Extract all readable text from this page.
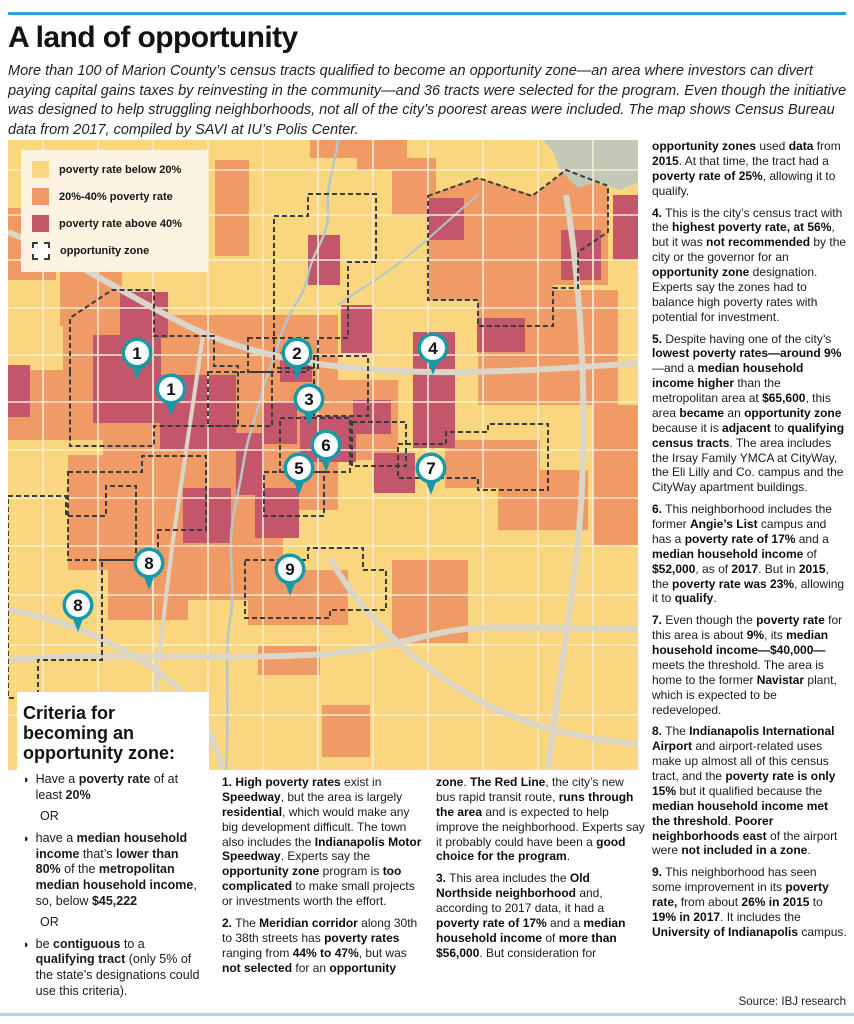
A land of opportunity
More than 100 of Marion County’s census tracts qualified to become an opportunity zone—an area where investors can divert paying capital gains taxes by reinvesting in the community—and 36 tracts were selected for the program. Even though the initiative was designed to help struggling neighborhoods, not all of the city’s poorest areas were included. The map shows Census Bureau data from 2017, compiled by SAVI at IU’s Polis Center.
1
1
2
3
4
5
6
7
8
8
9
poverty rate below 20%
20%-40% poverty rate
poverty rate above 40%
opportunity zone
Criteria for becoming an opportunity zone:
◗ Have a poverty rate of at least 20%
OR
◗ have a median household income that’s lower than 80% of the metropolitan median household income, so, below $45,222
OR
◗ be contiguous to a qualifying tract (only 5% of the state’s designations could use this criteria).

1. High poverty rates exist in Speedway, but the area is largely residential, which would make any big development difficult. The town also includes the Indianapolis Motor Speedway. Experts say the opportunity zone program is too complicated to make small projects or investments worth the effort.

2. The Meridian corridor along 30th to 38th streets has poverty rates ranging from 44% to 47%, but was not selected for an opportunity

zone. The Red Line, the city’s new bus rapid transit route, runs through the area and is expected to help improve the neighborhood. Experts say it probably could have been a good choice for the program.

3. This area includes the Old Northside neighborhood and, according to 2017 data, it had a poverty rate of 17% and a median household income of more than $56,000. But consideration for

opportunity zones used data from 2015. At that time, the tract had a poverty rate of 25%, allowing it to qualify.

4. This is the city’s census tract with the highest poverty rate, at 56%, but it was not recommended by the city or the governor for an opportunity zone designation. Experts say the zones had to balance high poverty rates with potential for investment.

5. Despite having one of the city’s lowest poverty rates—around 9%—and a median household income higher than the metropolitan area at $65,600, this area became an opportunity zone because it is adjacent to qualifying census tracts. The area includes the Irsay Family YMCA at CityWay, the Eli Lilly and Co. campus and the CityWay apartment buildings.

6. This neighborhood includes the former Angie’s List campus and has a poverty rate of 17% and a median household income of $52,000, as of 2017. But in 2015, the poverty rate was 23%, allowing it to qualify.

7. Even though the poverty rate for this area is about 9%, its median household income—$40,000—meets the threshold. The area is home to the former Navistar plant, which is expected to be redeveloped.

8. The Indianapolis International Airport and airport-related uses make up almost all of this census tract, and the poverty rate is only 15% but it qualified because the median household income met the threshold. Poorer neighborhoods east of the airport were not included in a zone.

9. This neighborhood has seen some improvement in its poverty rate, from about 26% in 2015 to 19% in 2017. It includes the University of Indianapolis campus.

Source: IBJ research
